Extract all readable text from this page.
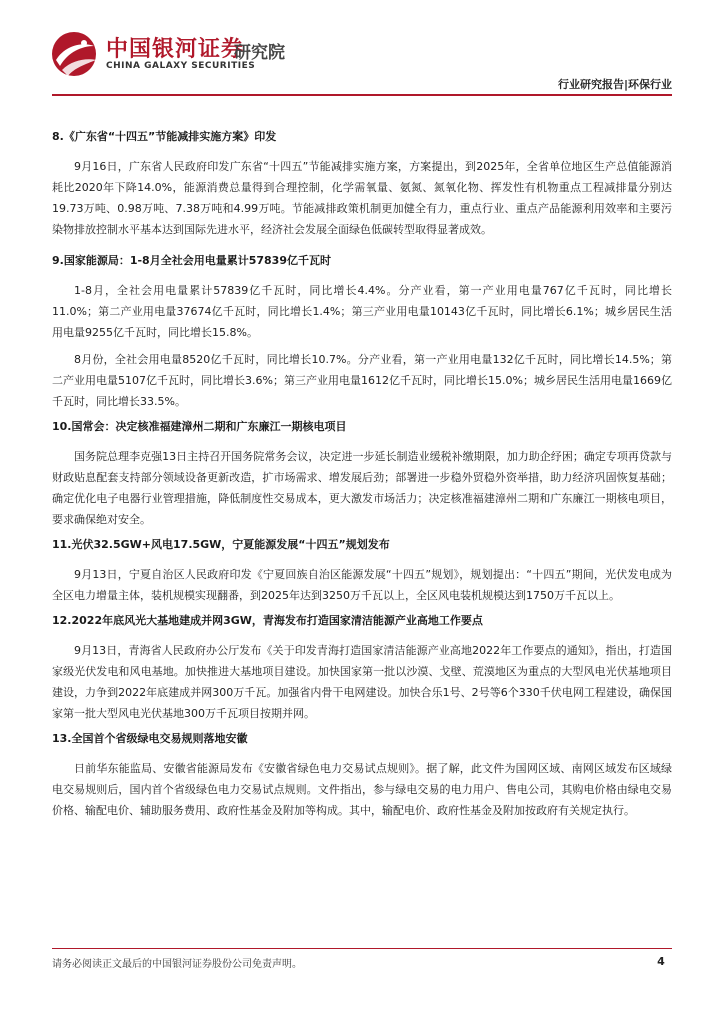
中国银河证券
研究院
CHINA GALAXY SECURITIES
行业研究报告|环保行业
8.《广东省“十四五”节能减排实施方案》印发

9月16日，广东省人民政府印发广东省“十四五”节能减排实施方案，方案提出，到2025年，全省单位地区生产总值能源消耗比2020年下降14.0%，能源消费总量得到合理控制，化学需氧量、氨氮、氮氧化物、挥发性有机物重点工程减排量分别达19.73万吨、0.98万吨、7.38万吨和4.99万吨。节能减排政策机制更加健全有力，重点行业、重点产品能源利用效率和主要污染物排放控制水平基本达到国际先进水平，经济社会发展全面绿色低碳转型取得显著成效。

9.国家能源局：1-8月全社会用电量累计57839亿千瓦时

1-8月，全社会用电量累计57839亿千瓦时，同比增长4.4%。分产业看，第一产业用电量767亿千瓦时，同比增长11.0%；第二产业用电量37674亿千瓦时，同比增长1.4%；第三产业用电量10143亿千瓦时，同比增长6.1%；城乡居民生活用电量9255亿千瓦时，同比增长15.8%。

8月份，全社会用电量8520亿千瓦时，同比增长10.7%。分产业看，第一产业用电量132亿千瓦时，同比增长14.5%；第二产业用电量5107亿千瓦时，同比增长3.6%；第三产业用电量1612亿千瓦时，同比增长15.0%；城乡居民生活用电量1669亿千瓦时，同比增长33.5%。

10.国常会：决定核准福建漳州二期和广东廉江一期核电项目

国务院总理李克强13日主持召开国务院常务会议，决定进一步延长制造业缓税补缴期限，加力助企纾困；确定专项再贷款与财政贴息配套支持部分领域设备更新改造，扩市场需求、增发展后劲；部署进一步稳外贸稳外资举措，助力经济巩固恢复基础；确定优化电子电器行业管理措施，降低制度性交易成本，更大激发市场活力；决定核准福建漳州二期和广东廉江一期核电项目，要求确保绝对安全。

11.光伏32.5GW+风电17.5GW，宁夏能源发展“十四五”规划发布

9月13日，宁夏自治区人民政府印发《宁夏回族自治区能源发展“十四五”规划》，规划提出：“十四五”期间，光伏发电成为全区电力增量主体，装机规模实现翻番，到2025年达到3250万千瓦以上，全区风电装机规模达到1750万千瓦以上。

12.2022年底风光大基地建成并网3GW，青海发布打造国家清洁能源产业高地工作要点

9月13日，青海省人民政府办公厅发布《关于印发青海打造国家清洁能源产业高地2022年工作要点的通知》，指出，打造国家级光伏发电和风电基地。加快推进大基地项目建设。加快国家第一批以沙漠、戈壁、荒漠地区为重点的大型风电光伏基地项目建设，力争到2022年底建成并网300万千瓦。加强省内骨干电网建设。加快合乐1号、2号等6个330千伏电网工程建设，确保国家第一批大型风电光伏基地300万千瓦项目按期并网。

13.全国首个省级绿电交易规则落地安徽

日前华东能监局、安徽省能源局发布《安徽省绿色电力交易试点规则》。据了解，此文件为国网区域、南网区域发布区域绿电交易规则后，国内首个省级绿色电力交易试点规则。文件指出，参与绿电交易的电力用户、售电公司，其购电价格由绿电交易价格、输配电价、辅助服务费用、政府性基金及附加等构成。其中，输配电价、政府性基金及附加按政府有关规定执行。

请务必阅读正文最后的中国银河证券股份公司免责声明。	4
